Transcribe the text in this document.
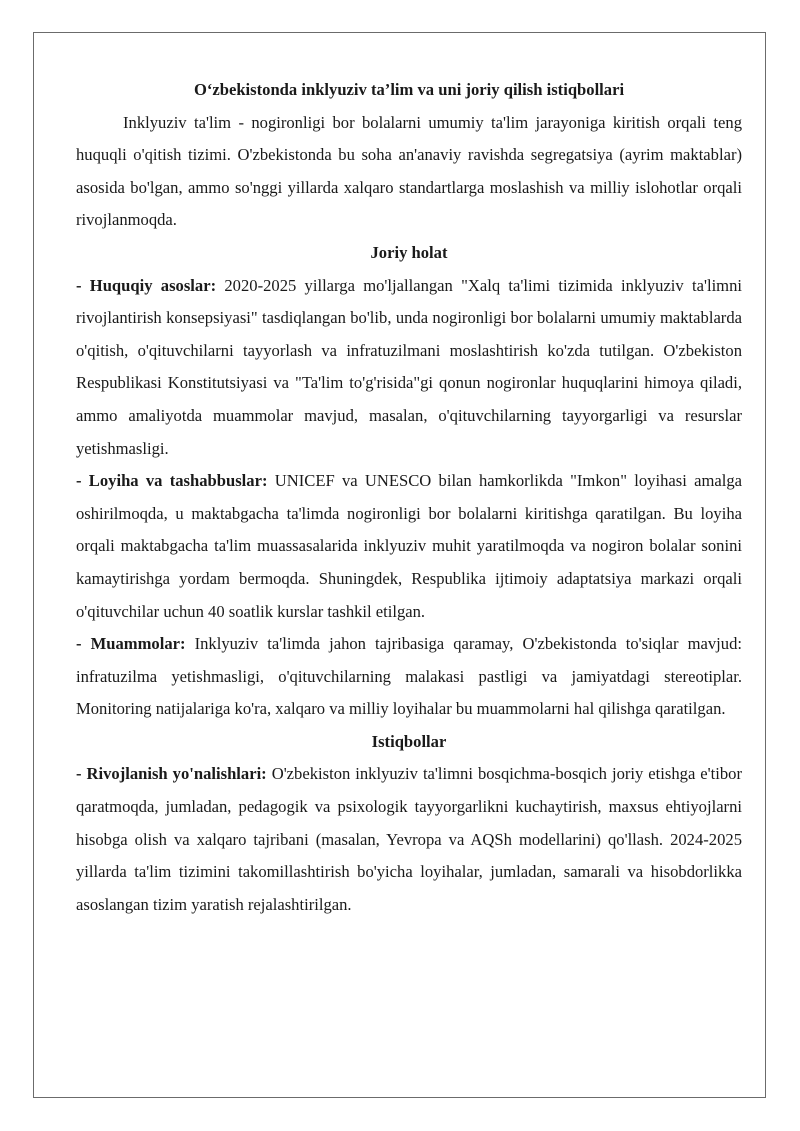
O‘zbekistonda inklyuziv ta’lim va uni joriy qilish istiqbollari

Inklyuziv ta'lim - nogironligi bor bolalarni umumiy ta'lim jarayoniga kiritish orqali teng huquqli o'qitish tizimi. O'zbekistonda bu soha an'anaviy ravishda segregatsiya (ayrim maktablar) asosida bo'lgan, ammo so'nggi yillarda xalqaro standartlarga moslashish va milliy islohotlar orqali rivojlanmoqda.

Joriy holat

- Huquqiy asoslar: 2020-2025 yillarga mo'ljallangan "Xalq ta'limi tizimida inklyuziv ta'limni rivojlantirish konsepsiyasi" tasdiqlangan bo'lib, unda nogironligi bor bolalarni umumiy maktablarda o'qitish, o'qituvchilarni tayyorlash va infratuzilmani moslashtirish ko'zda tutilgan. O'zbekiston Respublikasi Konstitutsiyasi va "Ta'lim to'g'risida"gi qonun nogironlar huquqlarini himoya qiladi, ammo amaliyotda muammolar mavjud, masalan, o'qituvchilarning tayyorgarligi va resurslar yetishmasligi.

- Loyiha va tashabbuslar: UNICEF va UNESCO bilan hamkorlikda "Imkon" loyihasi amalga oshirilmoqda, u maktabgacha ta'limda nogironligi bor bolalarni kiritishga qaratilgan. Bu loyiha orqali maktabgacha ta'lim muassasalarida inklyuziv muhit yaratilmoqda va nogiron bolalar sonini kamaytirishga yordam bermoqda. Shuningdek, Respublika ijtimoiy adaptatsiya markazi orqali o'qituvchilar uchun 40 soatlik kurslar tashkil etilgan.

- Muammolar: Inklyuziv ta'limda jahon tajribasiga qaramay, O'zbekistonda to'siqlar mavjud: infratuzilma yetishmasligi, o'qituvchilarning malakasi pastligi va jamiyatdagi stereotiplar. Monitoring natijalariga ko'ra, xalqaro va milliy loyihalar bu muammolarni hal qilishga qaratilgan.

Istiqbollar

- Rivojlanish yo'nalishlari: O'zbekiston inklyuziv ta'limni bosqichma-bosqich joriy etishga e'tibor qaratmoqda, jumladan, pedagogik va psixologik tayyorgarlikni kuchaytirish, maxsus ehtiyojlarni hisobga olish va xalqaro tajribani (masalan, Yevropa va AQSh modellarini) qo'llash. 2024-2025 yillarda ta'lim tizimini takomillashtirish bo'yicha loyihalar, jumladan, samarali va hisobdorlikka asoslangan tizim yaratish rejalashtirilgan.
